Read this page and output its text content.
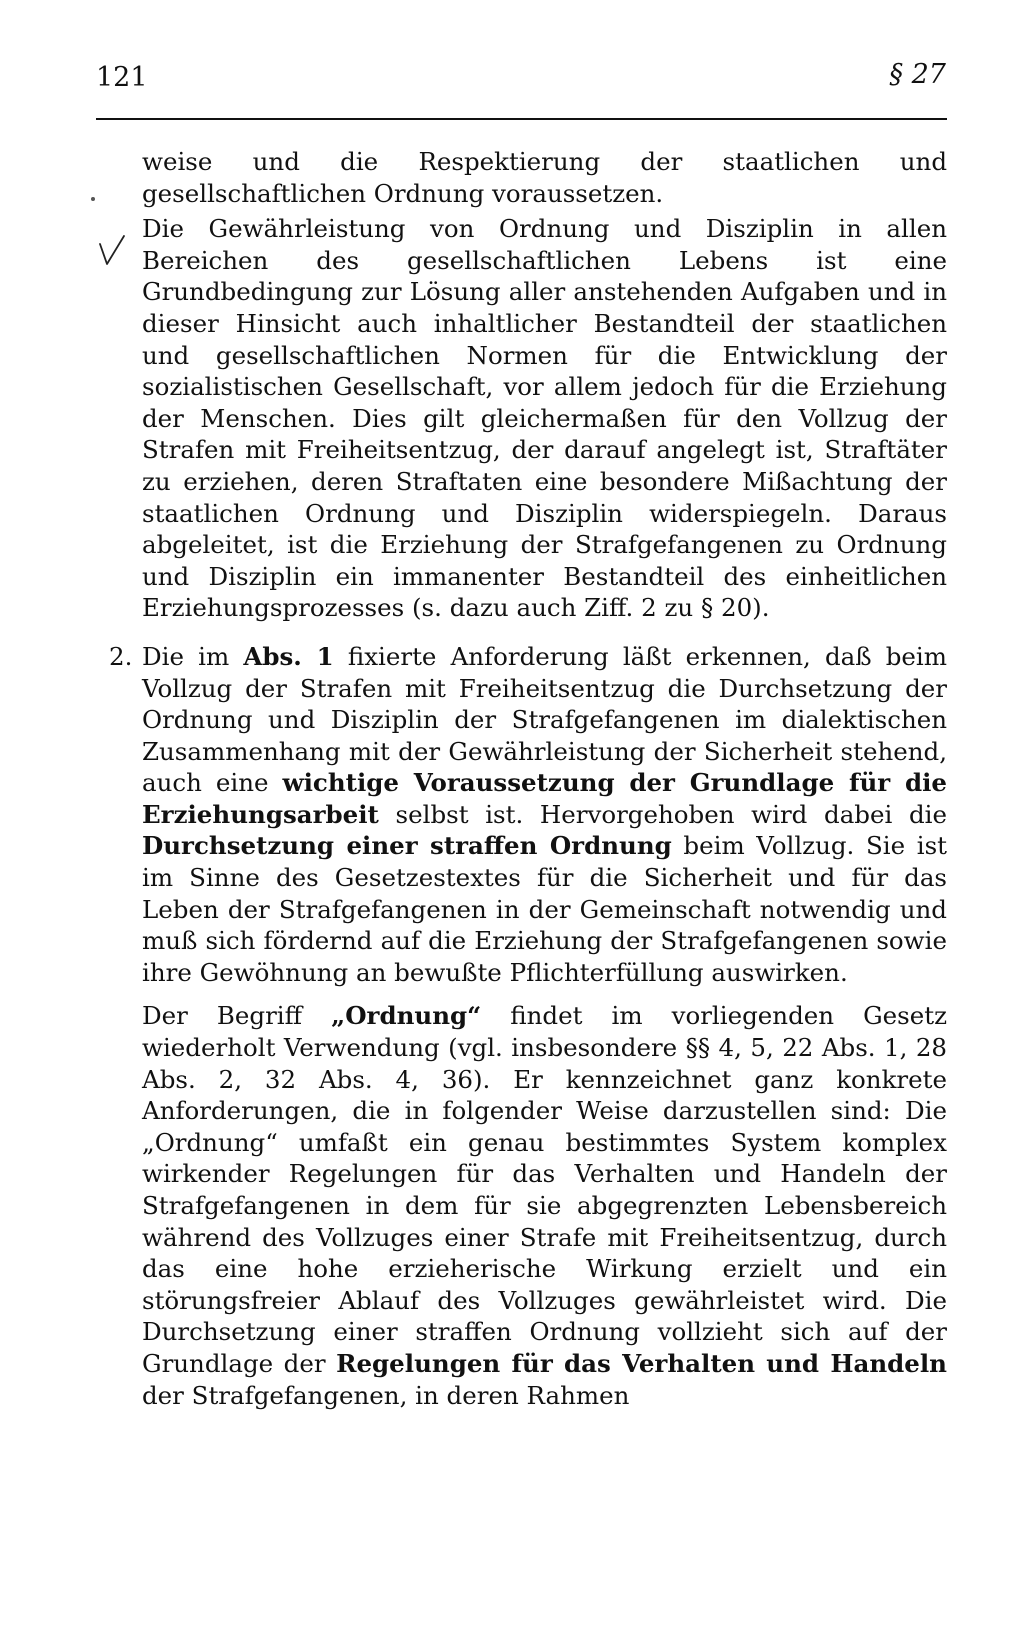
121	§ 27

weise und die Respektierung der staatlichen und gesellschaftlichen Ordnung voraussetzen.

Die Gewährleistung von Ordnung und Disziplin in allen Bereichen des gesellschaftlichen Lebens ist eine Grundbedingung zur Lösung aller anstehenden Aufgaben und in dieser Hinsicht auch inhaltlicher Bestandteil der staatlichen und gesellschaftlichen Normen für die Entwicklung der sozialistischen Gesellschaft, vor allem jedoch für die Erziehung der Menschen. Dies gilt gleichermaßen für den Vollzug der Strafen mit Freiheitsentzug, der darauf angelegt ist, Straftäter zu erziehen, deren Straftaten eine besondere Mißachtung der staatlichen Ordnung und Disziplin widerspiegeln. Daraus abgeleitet, ist die Erziehung der Strafgefangenen zu Ordnung und Disziplin ein immanenter Bestandteil des einheitlichen Erziehungsprozesses (s. dazu auch Ziff. 2 zu § 20).

2. Die im Abs. 1 fixierte Anforderung läßt erkennen, daß beim Vollzug der Strafen mit Freiheitsentzug die Durchsetzung der Ordnung und Disziplin der Strafgefangenen im dialektischen Zusammenhang mit der Gewährleistung der Sicherheit stehend, auch eine wichtige Voraussetzung der Grundlage für die Erziehungsarbeit selbst ist. Hervorgehoben wird dabei die Durchsetzung einer straffen Ordnung beim Vollzug. Sie ist im Sinne des Gesetzestextes für die Sicherheit und für das Leben der Strafgefangenen in der Gemeinschaft notwendig und muß sich fördernd auf die Erziehung der Strafgefangenen sowie ihre Gewöhnung an bewußte Pflichterfüllung auswirken.

Der Begriff „Ordnung“ findet im vorliegenden Gesetz wiederholt Verwendung (vgl. insbesondere §§ 4, 5, 22 Abs. 1, 28 Abs. 2, 32 Abs. 4, 36). Er kennzeichnet ganz konkrete Anforderungen, die in folgender Weise darzustellen sind: Die „Ordnung“ umfaßt ein genau bestimmtes System komplex wirkender Regelungen für das Verhalten und Handeln der Strafgefangenen in dem für sie abgegrenzten Lebensbereich während des Vollzuges einer Strafe mit Freiheitsentzug, durch das eine hohe erzieherische Wirkung erzielt und ein störungsfreier Ablauf des Vollzuges gewährleistet wird. Die Durchsetzung einer straffen Ordnung vollzieht sich auf der Grundlage der Regelungen für das Verhalten und Handeln der Strafgefangenen, in deren Rahmen
